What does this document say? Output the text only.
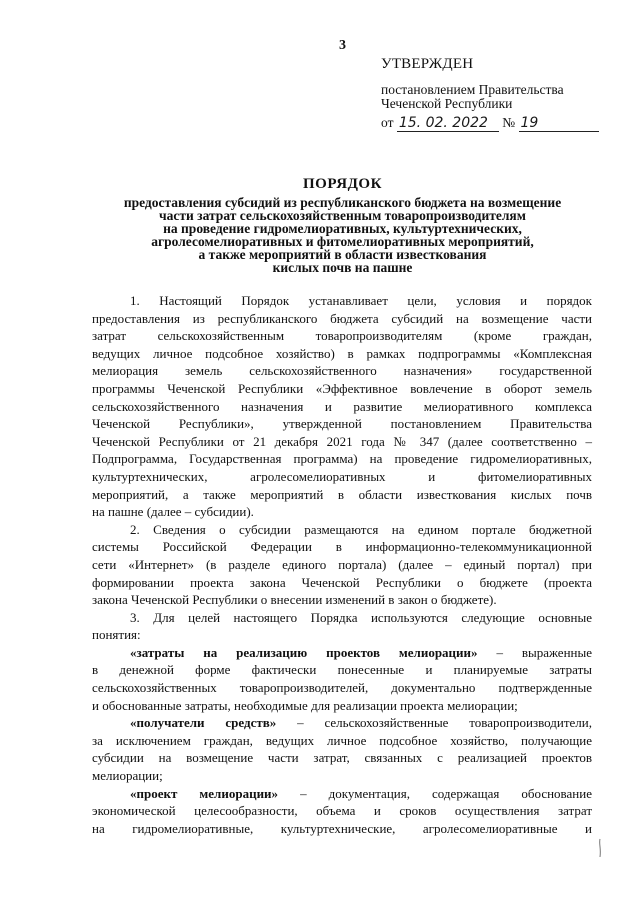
3
УТВЕРЖДЕН
постановлением Правительства
Чеченской Республики
от 15. 02. 2022 № 19
ПОРЯДОК
предоставления субсидий из республиканского бюджета на возмещение
части затрат сельскохозяйственным товаропроизводителям
на проведение гидромелиоративных, культуртехнических,
агролесомелиоративных и фитомелиоративных мероприятий,
а также мероприятий в области известкования
кислых почв на пашне

1. Настоящий Порядок устанавливает цели, условия и порядок

предоставления из республиканского бюджета субсидий на возмещение части

затрат сельскохозяйственным товаропроизводителям (кроме граждан,

ведущих личное подсобное хозяйство) в рамках подпрограммы «Комплексная

мелиорация земель сельскохозяйственного назначения» государственной

программы Чеченской Республики «Эффективное вовлечение в оборот земель

сельскохозяйственного назначения и развитие мелиоративного комплекса

Чеченской Республики», утвержденной постановлением Правительства

Чеченской Республики от 21 декабря 2021 года № 347 (далее соответственно –

Подпрограмма, Государственная программа) на проведение гидромелиоративных,

культуртехнических, агролесомелиоративных и фитомелиоративных

мероприятий, а также мероприятий в области известкования кислых почв

на пашне (далее – субсидии).

2. Сведения о субсидии размещаются на едином портале бюджетной

системы Российской Федерации в информационно-телекоммуникационной

сети «Интернет» (в разделе единого портала) (далее – единый портал) при

формировании проекта закона Чеченской Республики о бюджете (проекта

закона Чеченской Республики о внесении изменений в закон о бюджете).

3. Для целей настоящего Порядка используются следующие основные

понятия:

«затраты на реализацию проектов мелиорации» – выраженные

в денежной форме фактически понесенные и планируемые затраты

сельскохозяйственных товаропроизводителей, документально подтвержденные

и обоснованные затраты, необходимые для реализации проекта мелиорации;

«получатели средств» – сельскохозяйственные товаропроизводители,

за исключением граждан, ведущих личное подсобное хозяйство, получающие

субсидии на возмещение части затрат, связанных с реализацией проектов

мелиорации;

«проект мелиорации» – документация, содержащая обоснование

экономической целесообразности, объема и сроков осуществления затрат

на гидромелиоративные, культуртехнические, агролесомелиоративные и
